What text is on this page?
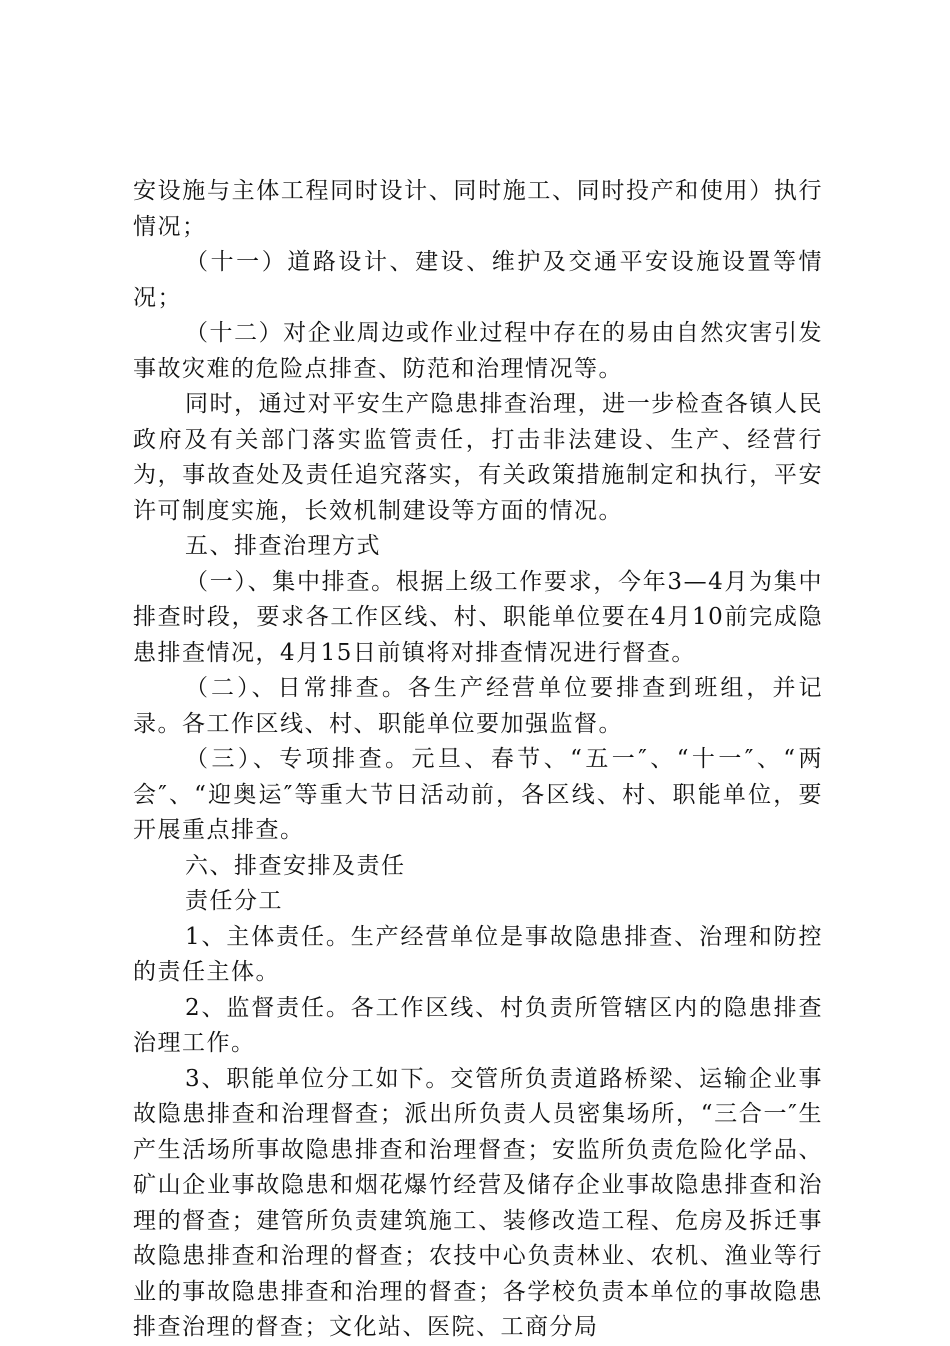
安设施与主体工程同时设计、同时施工、同时投产和使用）执行情况；

（十一）道路设计、建设、维护及交通平安设施设置等情况；

（十二）对企业周边或作业过程中存在的易由自然灾害引发事故灾难的危险点排查、防范和治理情况等。

同时，通过对平安生产隐患排查治理，进一步检查各镇人民政府及有关部门落实监管责任，打击非法建设、生产、经营行为，事故查处及责任追究落实，有关政策措施制定和执行，平安许可制度实施，长效机制建设等方面的情况。

五、排查治理方式

（一）、集中排查。根据上级工作要求，今年3—4月为集中排查时段，要求各工作区线、村、职能单位要在4月10前完成隐患排查情况，4月15日前镇将对排查情况进行督查。

（二）、日常排查。各生产经营单位要排查到班组，并记录。各工作区线、村、职能单位要加强监督。

（三）、专项排查。元旦、春节、“五一″、“十一″、“两会″、“迎奥运″等重大节日活动前，各区线、村、职能单位，要开展重点排查。

六、排查安排及责任

责任分工

1、主体责任。生产经营单位是事故隐患排查、治理和防控的责任主体。

2、监督责任。各工作区线、村负责所管辖区内的隐患排查治理工作。

3、职能单位分工如下。交管所负责道路桥梁、运输企业事故隐患排查和治理督查；派出所负责人员密集场所，“三合一″生产生活场所事故隐患排查和治理督查；安监所负责危险化学品、矿山企业事故隐患和烟花爆竹经营及储存企业事故隐患排查和治理的督查；建管所负责建筑施工、装修改造工程、危房及拆迁事故隐患排查和治理的督查；农技中心负责林业、农机、渔业等行业的事故隐患排查和治理的督查；各学校负责本单位的事故隐患排查治理的督查；文化站、医院、工商分局
